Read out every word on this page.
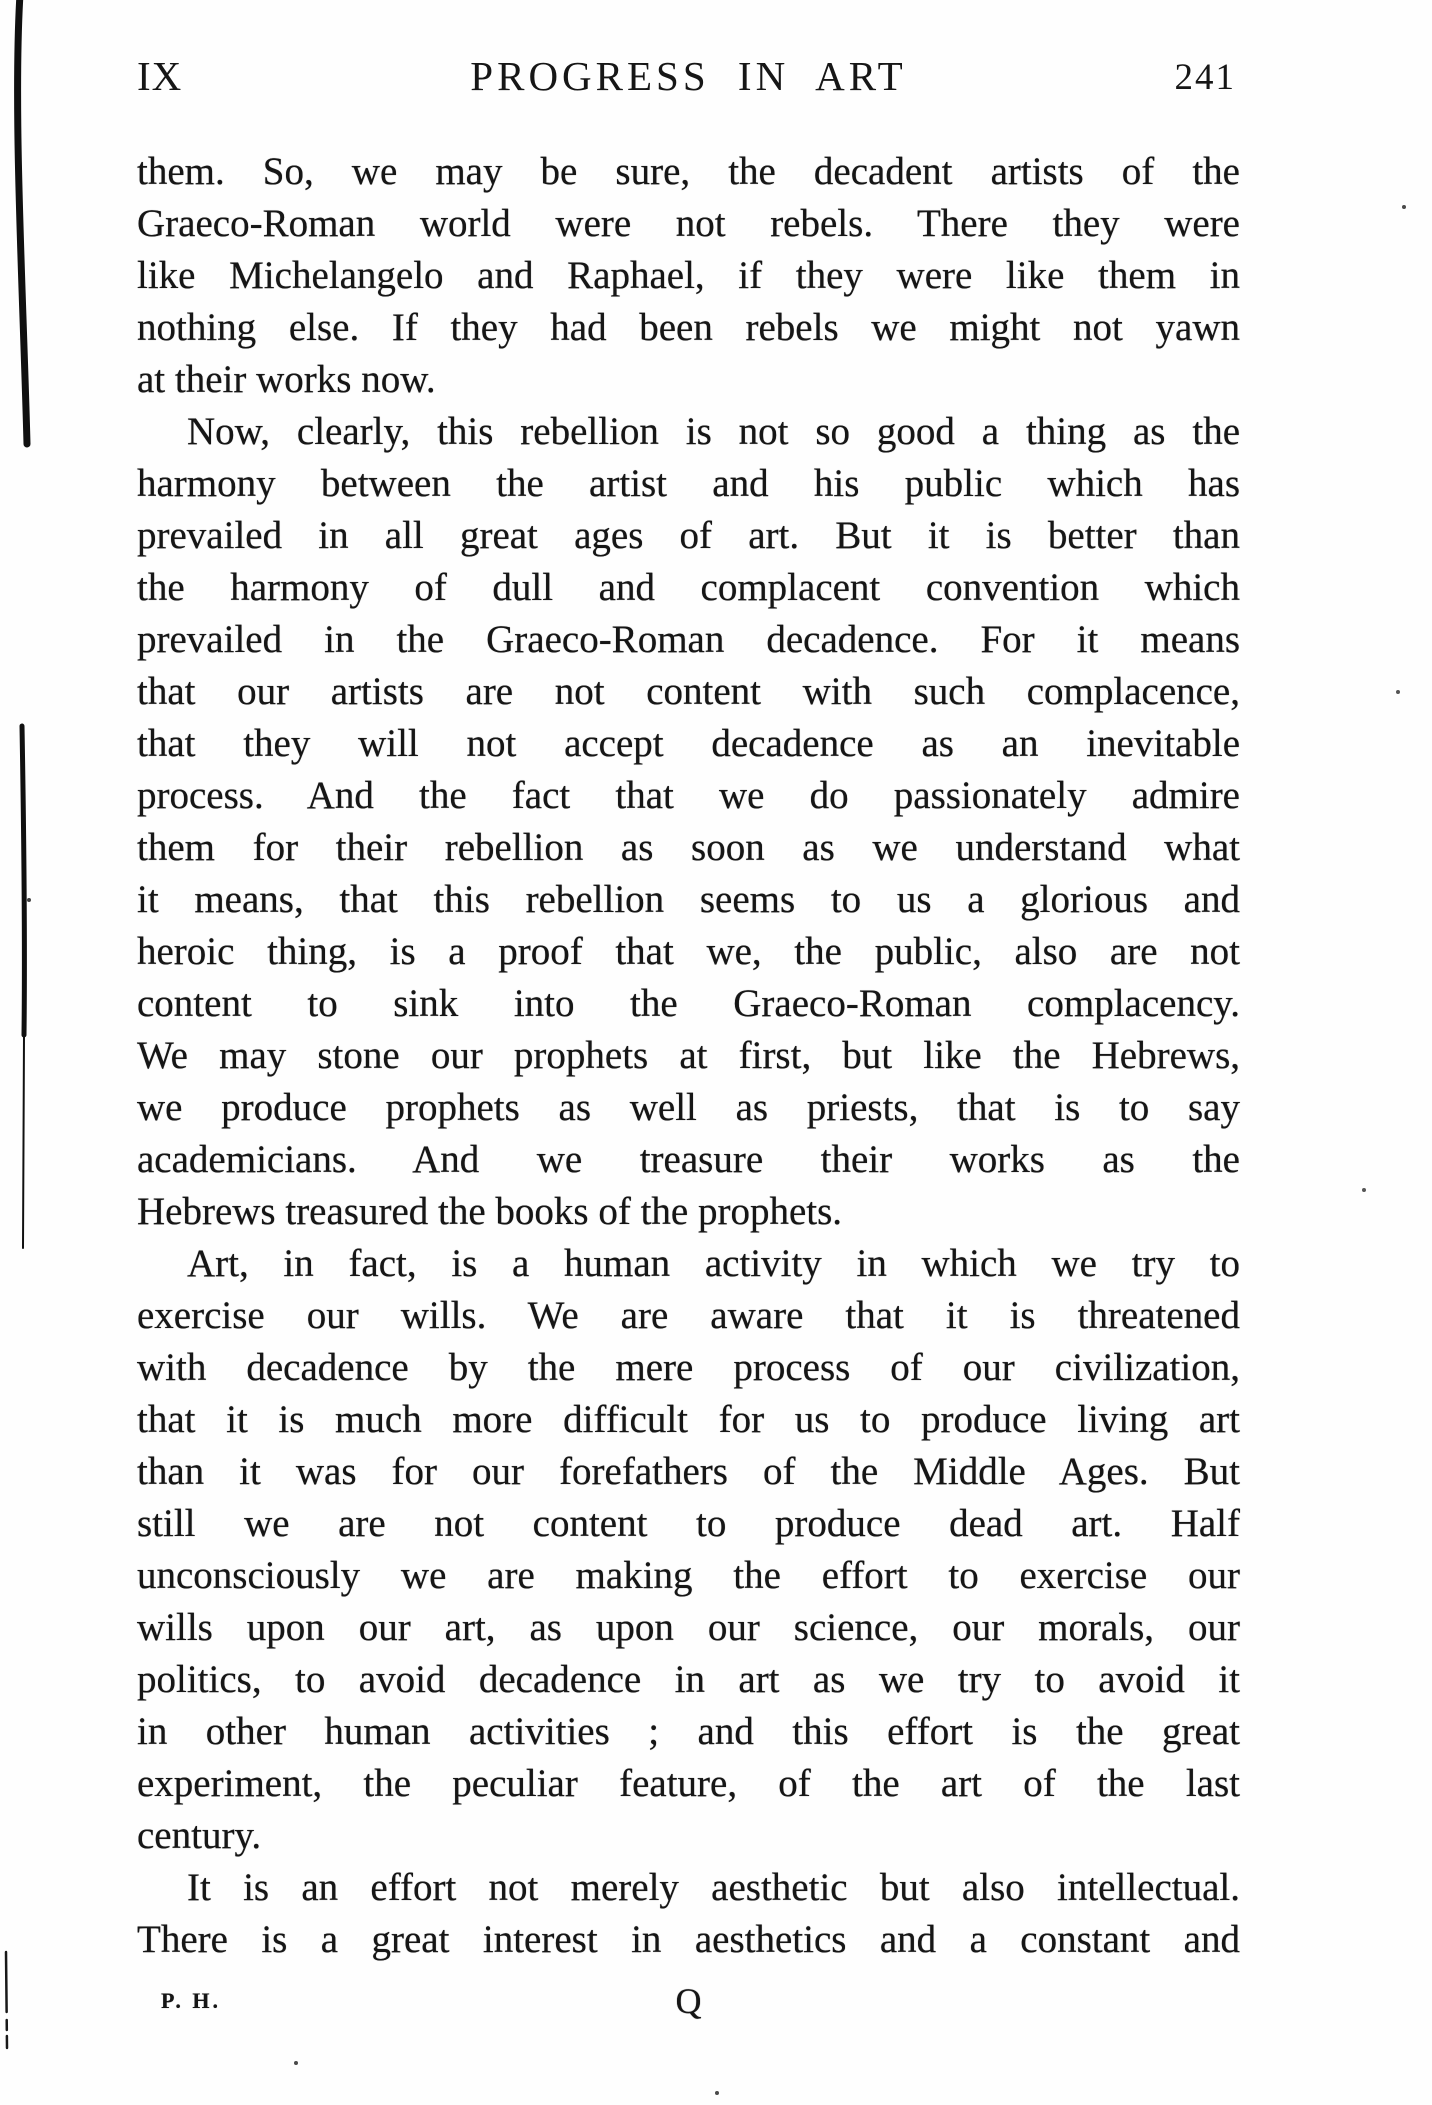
IX	PROGRESS IN ART	241
them. So, we may be sure, the decadent artists of the
Graeco-Roman world were not rebels. There they were
like Michelangelo and Raphael, if they were like them in
nothing else. If they had been rebels we might not yawn
at their works now.
Now, clearly, this rebellion is not so good a thing as the
harmony between the artist and his public which has
prevailed in all great ages of art. But it is better than
the harmony of dull and complacent convention which
prevailed in the Graeco-Roman decadence. For it means
that our artists are not content with such complacence,
that they will not accept decadence as an inevitable
process. And the fact that we do passionately admire
them for their rebellion as soon as we understand what
it means, that this rebellion seems to us a glorious and
heroic thing, is a proof that we, the public, also are not
content to sink into the Graeco-Roman complacency.
We may stone our prophets at first, but like the Hebrews,
we produce prophets as well as priests, that is to say
academicians. And we treasure their works as the
Hebrews treasured the books of the prophets.
Art, in fact, is a human activity in which we try to
exercise our wills. We are aware that it is threatened
with decadence by the mere process of our civilization,
that it is much more difficult for us to produce living art
than it was for our forefathers of the Middle Ages. But
still we are not content to produce dead art. Half
unconsciously we are making the effort to exercise our
wills upon our art, as upon our science, our morals, our
politics, to avoid decadence in art as we try to avoid it
in other human activities ; and this effort is the great
experiment, the peculiar feature, of the art of the last
century.
It is an effort not merely aesthetic but also intellectual.
There is a great interest in aesthetics and a constant and
P. H.	Q
